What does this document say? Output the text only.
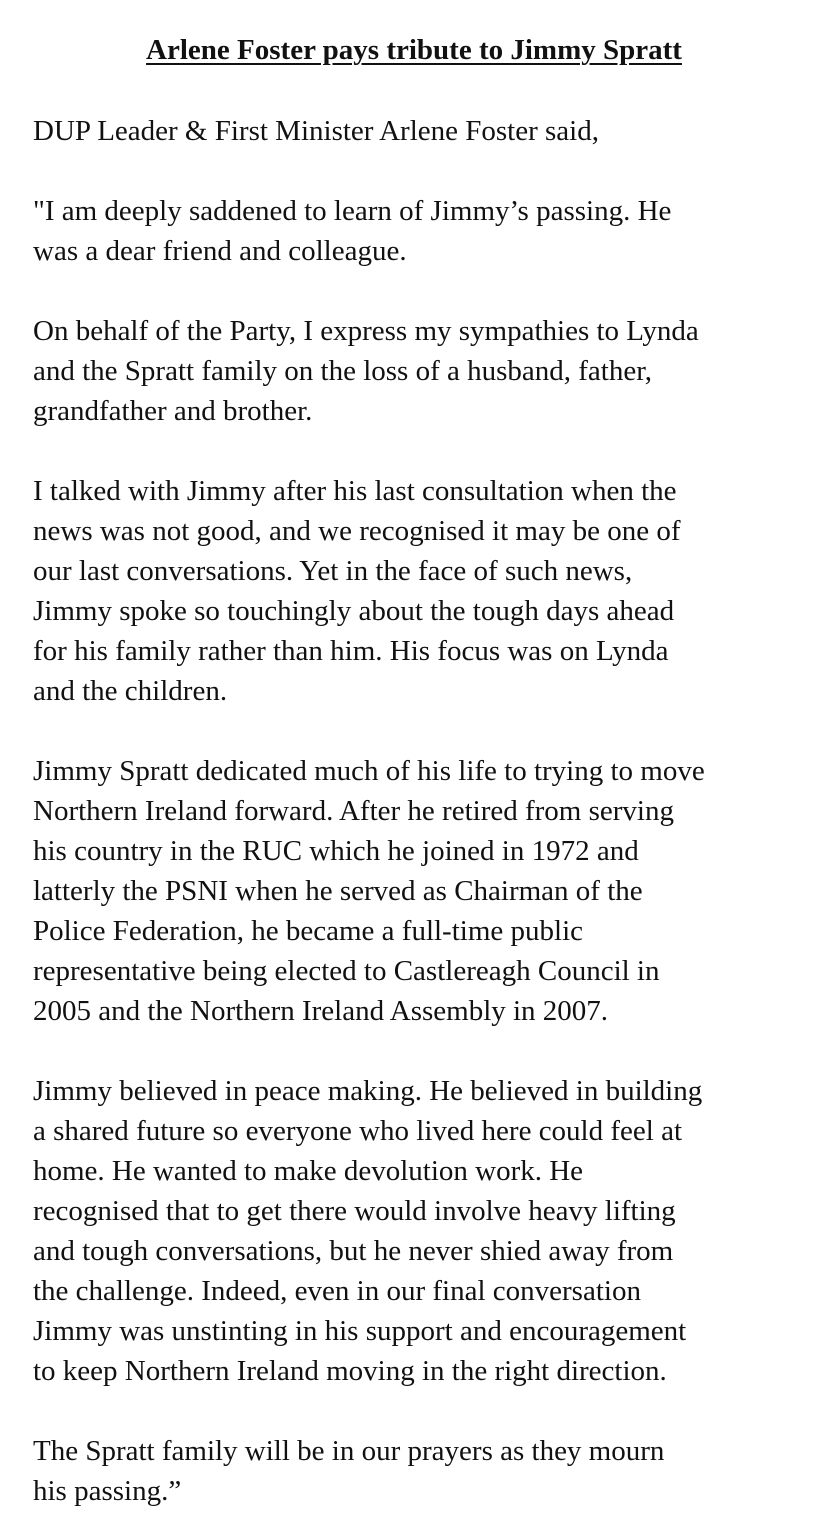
Arlene Foster pays tribute to Jimmy Spratt
DUP Leader & First Minister Arlene Foster said,
"I am deeply saddened to learn of Jimmy’s passing. He
was a dear friend and colleague.
On behalf of the Party, I express my sympathies to Lynda
and the Spratt family on the loss of a husband, father,
grandfather and brother.
I talked with Jimmy after his last consultation when the
news was not good, and we recognised it may be one of
our last conversations. Yet in the face of such news,
Jimmy spoke so touchingly about the tough days ahead
for his family rather than him. His focus was on Lynda
and the children.
Jimmy Spratt dedicated much of his life to trying to move
Northern Ireland forward. After he retired from serving
his country in the RUC which he joined in 1972 and
latterly the PSNI when he served as Chairman of the
Police Federation, he became a full-time public
representative being elected to Castlereagh Council in
2005 and the Northern Ireland Assembly in 2007.
Jimmy believed in peace making. He believed in building
a shared future so everyone who lived here could feel at
home. He wanted to make devolution work. He
recognised that to get there would involve heavy lifting
and tough conversations, but he never shied away from
the challenge. Indeed, even in our final conversation
Jimmy was unstinting in his support and encouragement
to keep Northern Ireland moving in the right direction.
The Spratt family will be in our prayers as they mourn
his passing.”
